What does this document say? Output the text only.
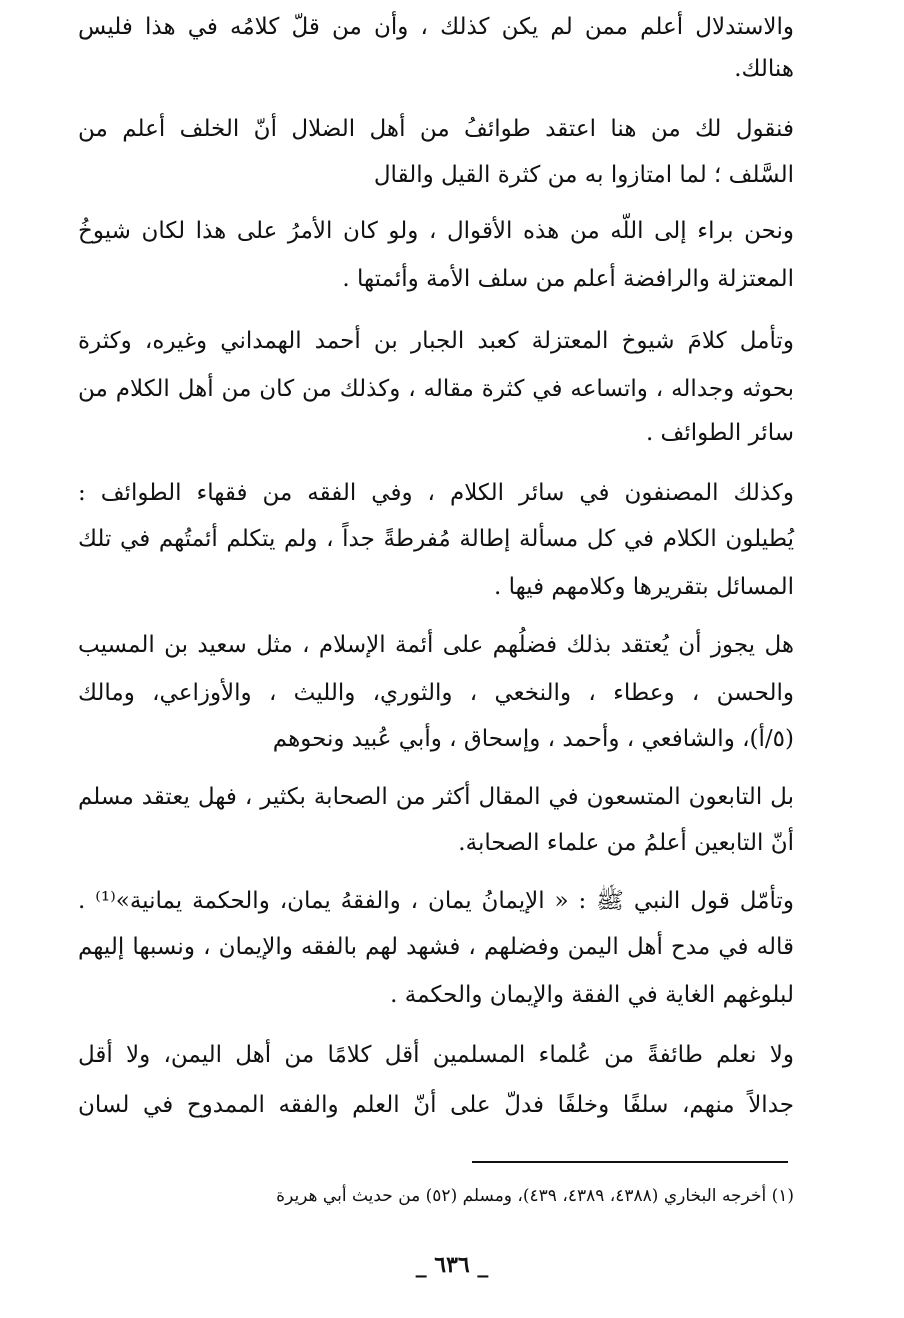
والاستدلال أعلم ممن لم يكن كذلك ، وأن من قلّ كلامُه في هذا فليس
هنالك.
فنقول لك من هنا اعتقد طوائفُ من أهل الضلال أنّ الخلف أعلم من
السَّلف ؛ لما امتازوا به من كثرة القيل والقال
ونحن براء إلى اللّه من هذه الأقوال ، ولو كان الأمرُ على هذا لكان شيوخُ
المعتزلة والرافضة أعلم من سلف الأمة وأئمتها .
وتأمل كلامَ شيوخ المعتزلة كعبد الجبار بن أحمد الهمداني وغيره، وكثرة
بحوثه وجداله ، واتساعه في كثرة مقاله ، وكذلك من كان من أهل الكلام من
سائر الطوائف .
وكذلك المصنفون في سائر الكلام ، وفي الفقه من فقهاء الطوائف :
يُطيلون الكلام في كل مسألة إطالة مُفرطةً جداً ، ولم يتكلم أئمتُهم في تلك
المسائل بتقريرها وكلامهم فيها .
هل يجوز أن يُعتقد بذلك فضلُهم على أئمة الإسلام ، مثل سعيد بن المسيب
والحسن ، وعطاء ، والنخعي ، والثوري، والليث ، والأوزاعي، ومالك
(٥/أ)، والشافعي ، وأحمد ، وإسحاق ، وأبي عُبيد ونحوهم
بل التابعون المتسعون في المقال أكثر من الصحابة بكثير ، فهل يعتقد مسلم
أنّ التابعين أعلمُ من علماء الصحابة.
وتأمّل قول النبي ﷺ : « الإيمانُ يمان ، والفقهُ يمان، والحكمة يمانية»⁽¹⁾ .
قاله في مدح أهل اليمن وفضلهم ، فشهد لهم بالفقه والإيمان ، ونسبها إليهم
لبلوغهم الغاية في الفقة والإيمان والحكمة .
ولا نعلم طائفةً من عُلماء المسلمين أقل كلامًا من أهل اليمن، ولا أقل
جدالاً منهم، سلفًا وخلفًا فدلّ على أنّ العلم والفقه الممدوح في لسان
(١) أخرجه البخاري (٤٣٨٨، ٤٣٨٩، ٤٣٩)، ومسلم (٥٢) من حديث أبي هريرة
_ ٦٣٦ _
